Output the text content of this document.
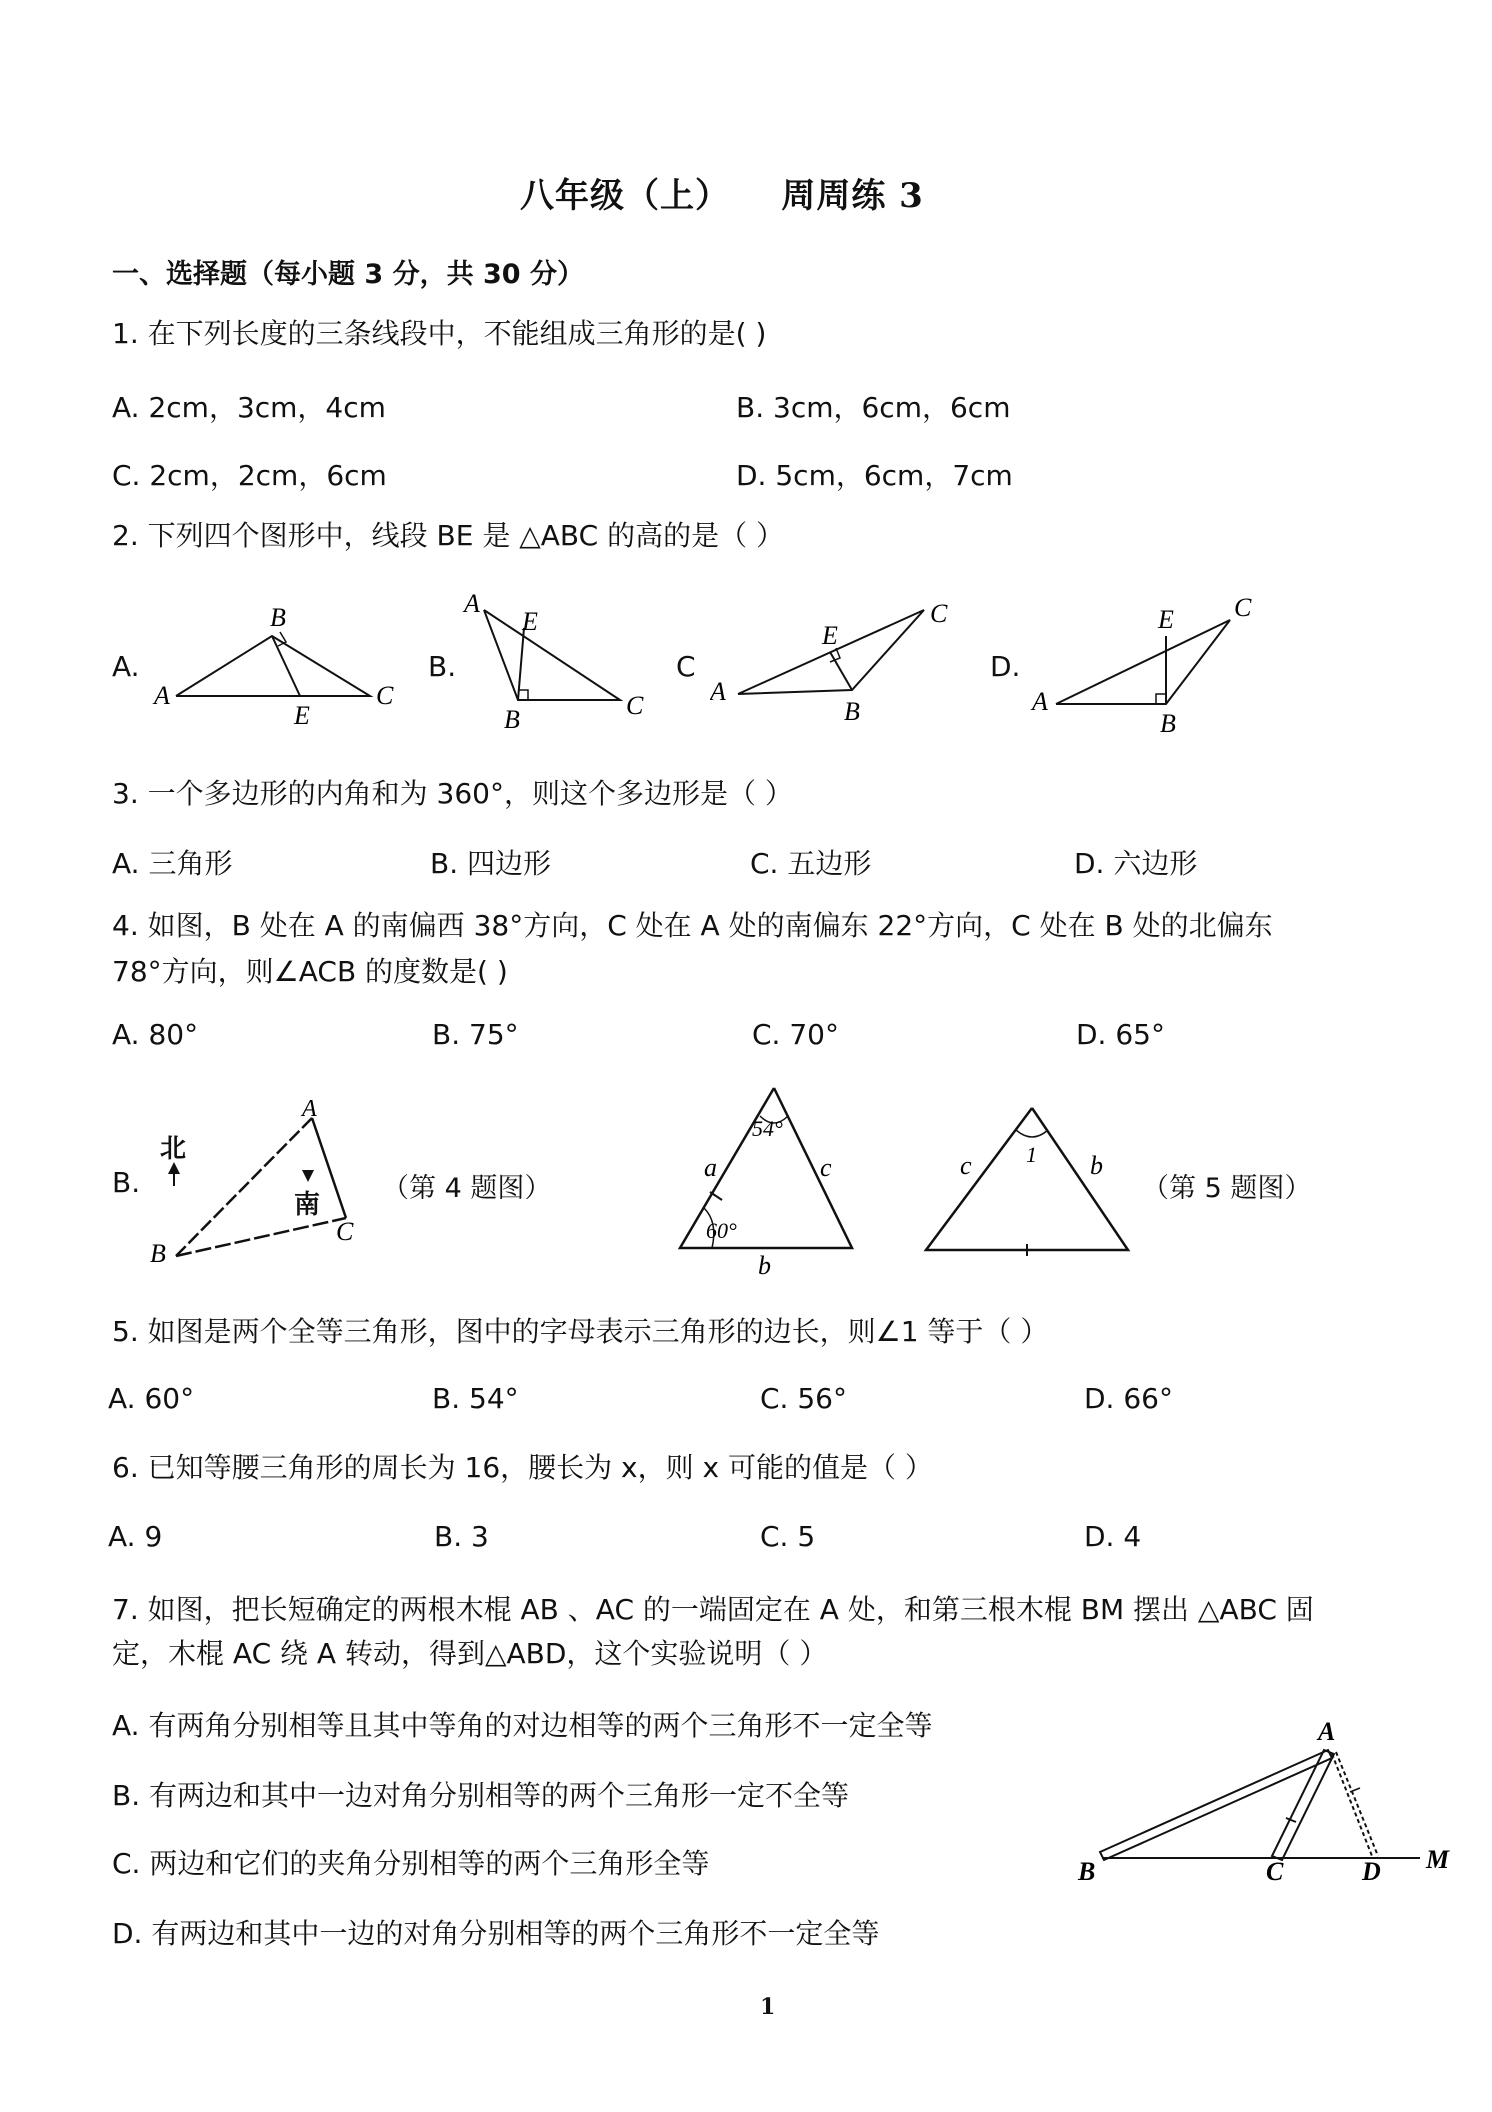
八年级（上）    周周练 3
一、选择题（每小题 3 分，共 30 分）
1. 在下列长度的三条线段中，不能组成三角形的是( )
A. 2cm，3cm，4cm	B. 3cm，6cm，6cm
C. 2cm，2cm，6cm	D. 5cm，6cm，7cm
2. 下列四个图形中，线段 BE 是 △ABC 的高的是（ ）
A.	B.	C	D.
B
A	C
E
A
E
B	C	A
E
B
C
A
E
B
C
3. 一个多边形的内角和为 360°，则这个多边形是（ ）
A. 三角形	B. 四边形	C. 五边形	D. 六边形
4. 如图，B 处在 A 的南偏西 38°方向，C 处在 A 处的南偏东 22°方向，C 处在 B 处的北偏东
78°方向，则∠ACB 的度数是( )
A. 80°	B. 75°	C. 70°	D. 65°
B.
A
B
C
北
南
（第 4 题图）
54°
60°
a	c
b
1
c	b
（第 5 题图）
5. 如图是两个全等三角形，图中的字母表示三角形的边长，则∠1 等于（ ）
A. 60°	B. 54°	C. 56°	D. 66°
6. 已知等腰三角形的周长为 16，腰长为 x，则 x 可能的值是（ ）
A. 9	B. 3	C. 5	D. 4
7. 如图，把长短确定的两根木棍 AB 、AC 的一端固定在 A 处，和第三根木棍 BM 摆出 △ABC 固
定，木棍 AC 绕 A 转动，得到△ABD，这个实验说明（ ）
A. 有两角分别相等且其中等角的对边相等的两个三角形不一定全等
B. 有两边和其中一边对角分别相等的两个三角形一定不全等
C. 两边和它们的夹角分别相等的两个三角形全等
D. 有两边和其中一边的对角分别相等的两个三角形不一定全等
A
B	C	D M
1
